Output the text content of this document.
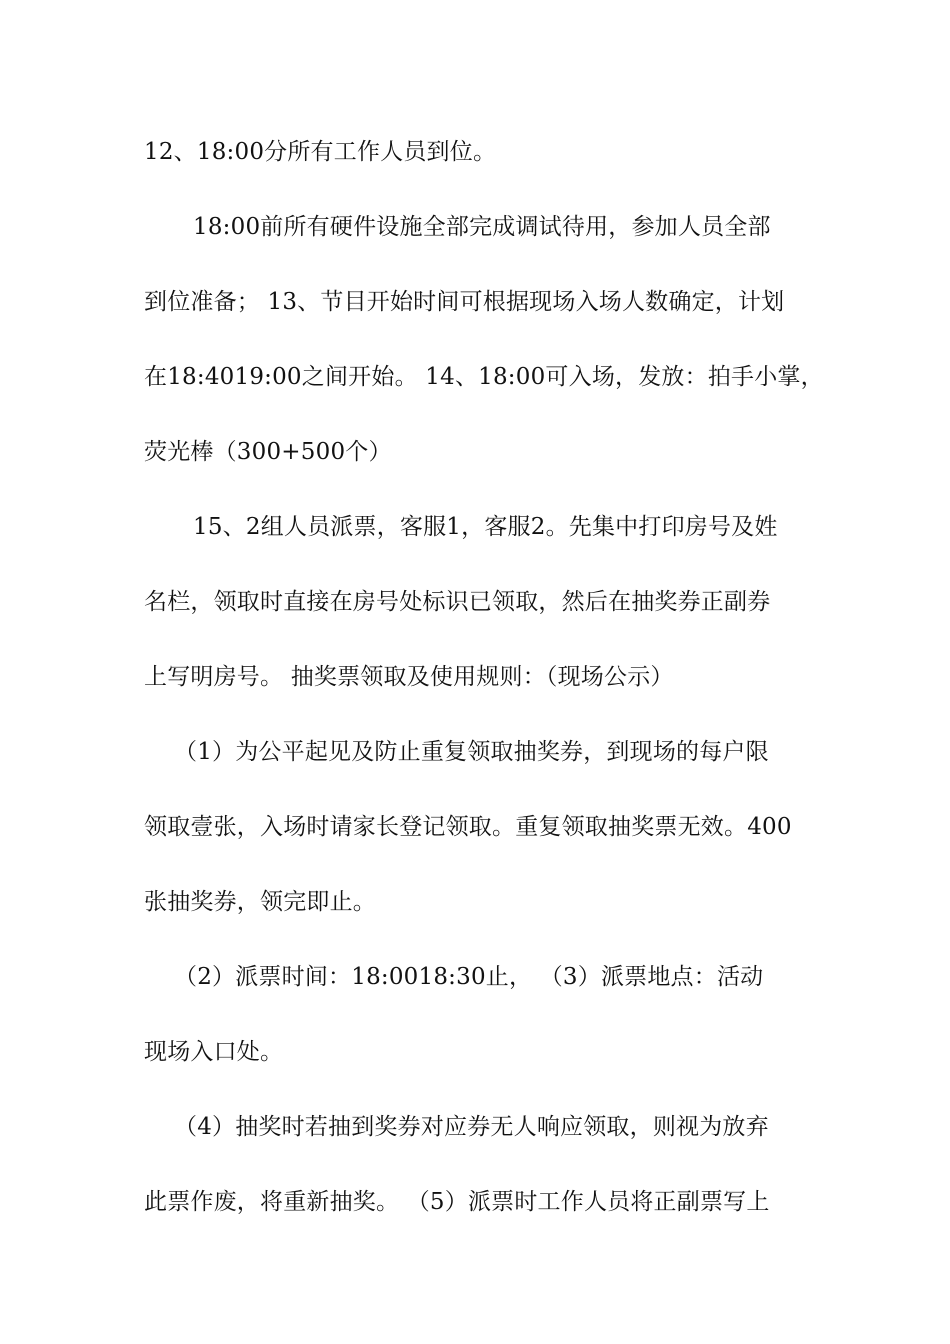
12、18:00分所有工作人员到位。
18:00前所有硬件设施全部完成调试待用，参加人员全部
到位准备； 13、节目开始时间可根据现场入场人数确定，计划
在18:4019:00之间开始。 14、18:00可入场，发放：拍手小掌，
荧光棒（300+500个）
15、2组人员派票，客服1，客服2。先集中打印房号及姓
名栏，领取时直接在房号处标识已领取，然后在抽奖券正副券
上写明房号。 抽奖票领取及使用规则：（现场公示）
（1）为公平起见及防止重复领取抽奖券，到现场的每户限
领取壹张，入场时请家长登记领取。重复领取抽奖票无效。400
张抽奖券，领完即止。
（2）派票时间：18:0018:30止， （3）派票地点：活动
现场入口处。
（4）抽奖时若抽到奖券对应券无人响应领取，则视为放弃
此票作废，将重新抽奖。 （5）派票时工作人员将正副票写上
